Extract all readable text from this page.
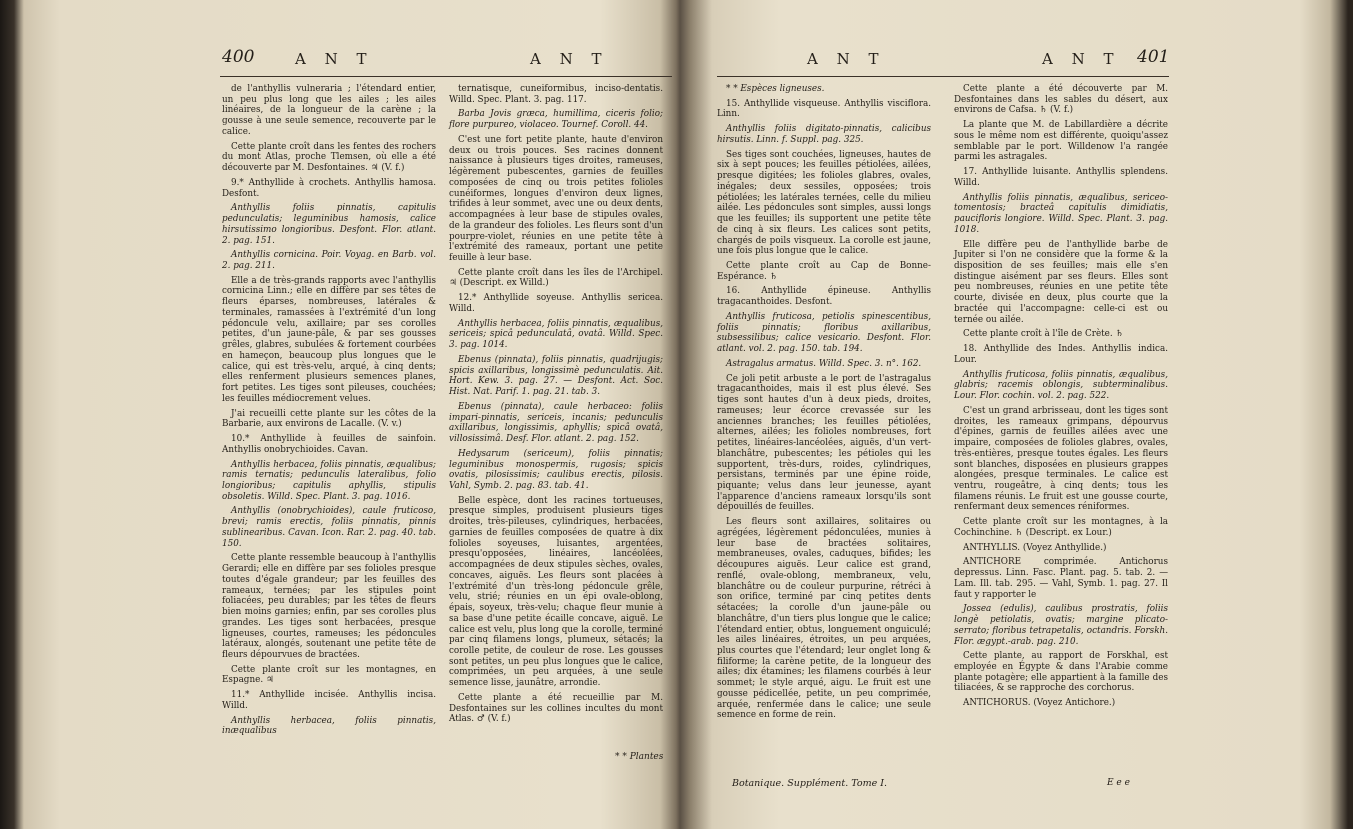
400	A N T	A N T

de l'anthyllis vulneraria ; l'étendard entier, un peu plus long que les ailes ; les ailes linéaires, de la longueur de la carène ; la gousse à une seule semence, recouverte par le calice.

Cette plante croît dans les fentes des rochers du mont Atlas, proche Tlemsen, où elle a été découverte par M. Desfontaines. ♃ (V. f.)

9.* Anthyllide à crochets. Anthyllis hamosa. Desfont.

Anthyllis foliis pinnatis, capitulis pedunculatis; leguminibus hamosis, calice hirsutissimo longioribus. Desfont. Flor. atlant. 2. pag. 151.

Anthyllis cornicina. Poir. Voyag. en Barb. vol. 2. pag. 211.

Elle a de très-grands rapports avec l'anthyllis cornicina Linn.; elle en diffère par ses têtes de fleurs éparses, nombreuses, latérales & terminales, ramassées à l'extrémité d'un long pédoncule velu, axillaire; par ses corolles petites, d'un jaune-pâle, & par ses gousses grêles, glabres, subulées & fortement courbées en hameçon, beaucoup plus longues que le calice, qui est très-velu, arqué, à cinq dents; elles renferment plusieurs semences planes, fort petites. Les tiges sont pileuses, couchées; les feuilles médiocrement velues.

J'ai recueilli cette plante sur les côtes de la Barbarie, aux environs de Lacalle. (V. v.)

10.* Anthyllide à feuilles de sainfoin. Anthyllis onobrychioides. Cavan.

Anthyllis herbacea, foliis pinnatis, æqualibus; ramis ternatis; pedunculis lateralibus, folio longioribus; capitulis aphyllis, stipulis obsoletis. Willd. Spec. Plant. 3. pag. 1016.

Anthyllis (onobrychioides), caule fruticoso, brevi; ramis erectis, foliis pinnatis, pinnis sublinearibus. Cavan. Icon. Rar. 2. pag. 40. tab. 150.

Cette plante ressemble beaucoup à l'anthyllis Gerardi; elle en diffère par ses folioles presque toutes d'égale grandeur; par les feuilles des rameaux, ternées; par les stipules point foliacées, peu durables; par les têtes de fleurs bien moins garnies; enfin, par ses corolles plus grandes. Les tiges sont herbacées, presque ligneuses, courtes, rameuses; les pédoncules latéraux, alongés, soutenant une petite tête de fleurs dépourvues de bractées.

Cette plante croît sur les montagnes, en Espagne. ♃

11.* Anthyllide incisée. Anthyllis incisa. Willd.

Anthyllis herbacea, foliis pinnatis, inæqualibus

ternatisque, cuneiformibus, inciso-dentatis. Willd. Spec. Plant. 3. pag. 117.

Barba Jovis græca, humillima, ciceris folio; flore purpureo, violaceo. Tournef. Coroll. 44.

C'est une fort petite plante, haute d'environ deux ou trois pouces. Ses racines donnent naissance à plusieurs tiges droites, rameuses, légèrement pubescentes, garnies de feuilles composées de cinq ou trois petites folioles cunéiformes, longues d'environ deux lignes, trifides à leur sommet, avec une ou deux dents, accompagnées à leur base de stipules ovales, de la grandeur des folioles. Les fleurs sont d'un pourpre-violet, réunies en une petite tête à l'extrémité des rameaux, portant une petite feuille à leur base.

Cette plante croît dans les îles de l'Archipel. ♃ (Descript. ex Willd.)

12.* Anthyllide soyeuse. Anthyllis sericea. Willd.

Anthyllis herbacea, foliis pinnatis, æqualibus, sericeis; spicâ pedunculatâ, ovatâ. Willd. Spec. 3. pag. 1014.

Ebenus (pinnata), foliis pinnatis, quadrijugis; spicis axillaribus, longissimè pedunculatis. Ait. Hort. Kew. 3. pag. 27. — Desfont. Act. Soc. Hist. Nat. Parif. 1. pag. 21. tab. 3.

Ebenus (pinnata), caule herbaceo: foliis impari-pinnatis, sericeis, incanis; pedunculis axillaribus, longissimis, aphyllis; spicâ ovatâ, villosissimâ. Desf. Flor. atlant. 2. pag. 152.

Hedysarum (sericeum), foliis pinnatis; leguminibus monospermis, rugosis; spicis ovatis, pilosissimis; caulibus erectis, pilosis. Vahl, Symb. 2. pag. 83. tab. 41.

Belle espèce, dont les racines tortueuses, presque simples, produisent plusieurs tiges droites, très-pileuses, cylindriques, herbacées, garnies de feuilles composées de quatre à dix folioles soyeuses, luisantes, argentées, presqu'opposées, linéaires, lancéolées, accompagnées de deux stipules sèches, ovales, concaves, aiguës. Les fleurs sont placées à l'extrémité d'un très-long pédoncule grêle, velu, strié; réunies en un épi ovale-oblong, épais, soyeux, très-velu; chaque fleur munie à sa base d'une petite écaille concave, aiguë. Le calice est velu, plus long que la corolle, terminé par cinq filamens longs, plumeux, sétacés; la corolle petite, de couleur de rose. Les gousses sont petites, un peu plus longues que le calice, comprimées, un peu arquées, à une seule semence lisse, jaunâtre, arrondie.

Cette plante a été recueillie par M. Desfontaines sur les collines incultes du mont Atlas. ♂ (V. f.)

* * Plantes
A N T	A N T 401

* * Espèces ligneuses.

15. Anthyllide visqueuse. Anthyllis visciflora. Linn.

Anthyllis foliis digitato-pinnatis, calicibus hirsutis. Linn. f. Suppl. pag. 325.

Ses tiges sont couchées, ligneuses, hautes de six à sept pouces; les feuilles pétiolées, ailées, presque digitées; les folioles glabres, ovales, inégales; deux sessiles, opposées; trois pétiolées; les latérales ternées, celle du milieu ailée. Les pédoncules sont simples, aussi longs que les feuilles; ils supportent une petite tête de cinq à six fleurs. Les calices sont petits, chargés de poils visqueux. La corolle est jaune, une fois plus longue que le calice.

Cette plante croît au Cap de Bonne-Espérance. ♄

16. Anthyllide épineuse. Anthyllis tragacanthoides. Desfont.

Anthyllis fruticosa, petiolis spinescentibus, foliis pinnatis; floribus axillaribus, subsessilibus; calice vesicario. Desfont. Flor. atlant. vol. 2. pag. 150. tab. 194.

Astragalus armatus. Willd. Spec. 3. n°. 162.

Ce joli petit arbuste a le port de l'astragalus tragacanthoides, mais il est plus élevé. Ses tiges sont hautes d'un à deux pieds, droites, rameuses; leur écorce crevassée sur les anciennes branches; les feuilles pétiolées, alternes, ailées; les folioles nombreuses, fort petites, linéaires-lancéolées, aiguës, d'un vert-blanchâtre, pubescentes; les pétioles qui les supportent, très-durs, roides, cylindriques, persistans, terminés par une épine roide, piquante; velus dans leur jeunesse, ayant l'apparence d'anciens rameaux lorsqu'ils sont dépouillés de feuilles.

Les fleurs sont axillaires, solitaires ou agrégées, légèrement pédonculées, munies à leur base de bractées solitaires, membraneuses, ovales, caduques, bifides; les découpures aiguës. Leur calice est grand, renflé, ovale-oblong, membraneux, velu, blanchâtre ou de couleur purpurine, rétréci à son orifice, terminé par cinq petites dents sétacées; la corolle d'un jaune-pâle ou blanchâtre, d'un tiers plus longue que le calice; l'étendard entier, obtus, longuement onguiculé; les ailes linéaires, étroites, un peu arquées, plus courtes que l'étendard; leur onglet long & filiforme; la carène petite, de la longueur des ailes; dix étamines; les filamens courbés à leur sommet; le style arqué, aigu. Le fruit est une gousse pédicellée, petite, un peu comprimée, arquée, renfermée dans le calice; une seule semence en forme de rein.

Cette plante a été découverte par M. Desfontaines dans les sables du désert, aux environs de Cafsa. ♄ (V. f.)

La plante que M. de Labillardière a décrite sous le même nom est différente, quoiqu'assez semblable par le port. Willdenow l'a rangée parmi les astragales.

17. Anthyllide luisante. Anthyllis splendens. Willd.

Anthyllis foliis pinnatis, æqualibus, sericeo-tomentosis; bracteâ capitulis dimidiatis, paucifloris longiore. Willd. Spec. Plant. 3. pag. 1018.

Elle diffère peu de l'anthyllide barbe de Jupiter si l'on ne considère que la forme & la disposition de ses feuilles; mais elle s'en distingue aisément par ses fleurs. Elles sont peu nombreuses, réunies en une petite tête courte, divisée en deux, plus courte que la bractée qui l'accompagne: celle-ci est ou ternée ou ailée.

Cette plante croît à l'île de Crète. ♄

18. Anthyllide des Indes. Anthyllis indica. Lour.

Anthyllis fruticosa, foliis pinnatis, æqualibus, glabris; racemis oblongis, subterminalibus. Lour. Flor. cochin. vol. 2. pag. 522.

C'est un grand arbrisseau, dont les tiges sont droites, les rameaux grimpans, dépourvus d'épines, garnis de feuilles ailées avec une impaire, composées de folioles glabres, ovales, très-entières, presque toutes égales. Les fleurs sont blanches, disposées en plusieurs grappes alongées, presque terminales. Le calice est ventru, rougeâtre, à cinq dents; tous les filamens réunis. Le fruit est une gousse courte, renfermant deux semences réniformes.

Cette plante croît sur les montagnes, à la Cochinchine. ♄ (Descript. ex Lour.)

ANTHYLLIS. (Voyez Anthyllide.)

ANTICHORE comprimée. Antichorus depressus. Linn. Fasc. Plant. pag. 5. tab. 2. — Lam. Ill. tab. 295. — Vahl, Symb. 1. pag. 27. Il faut y rapporter le

Jossea (edulis), caulibus prostratis, foliis longè petiolatis, ovatis; margine plicato-serrato; floribus tetrapetalis, octandris. Forskh. Flor. ægypt.-arab. pag. 210.

Cette plante, au rapport de Forskhal, est employée en Égypte & dans l'Arabie comme plante potagère; elle appartient à la famille des tiliacées, & se rapproche des corchorus.

ANTICHORUS. (Voyez Antichore.)

Botanique. Supplément. Tome I.	E e e
